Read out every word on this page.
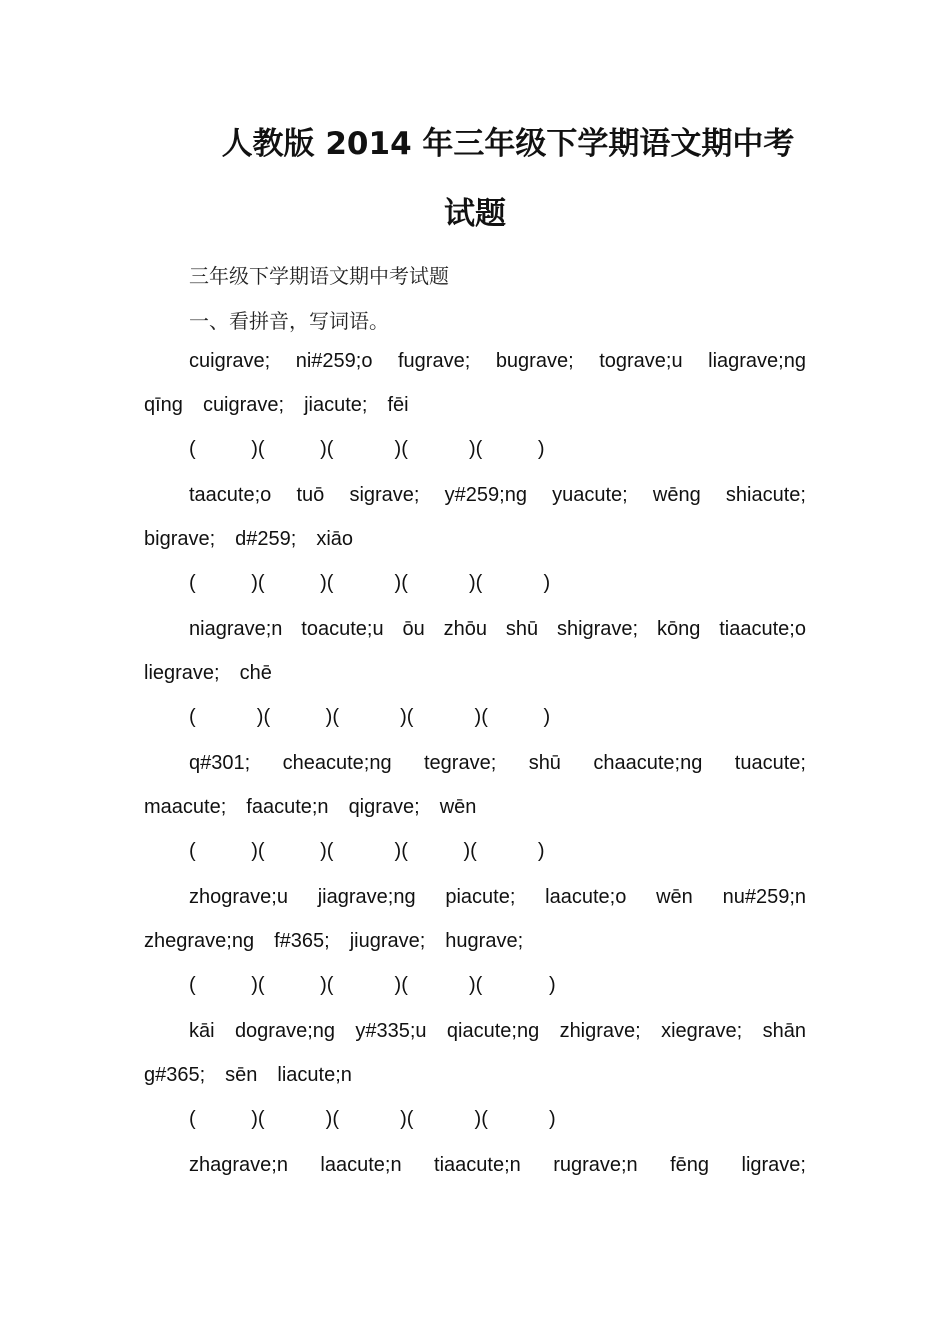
人教版 2014 年三年级下学期语文期中考
试题
三年级下学期语文期中考试题
一、看拼音，写词语。
cuigrave; ni#259;o fugrave; bugrave; tograve;u liagrave;ng
qīng cuigrave; jiacute; fēi
(          )(          )(           )(           )(          )
taacute;o tuō sigrave; y#259;ng yuacute; wēng shiacute;
bigrave; d#259; xiāo
(          )(          )(           )(           )(           )
niagrave;n toacute;u ōu zhōu shū shigrave; kōng tiaacute;o
liegrave; chē
(           )(          )(           )(           )(          )
q#301; cheacute;ng tegrave; shū chaacute;ng tuacute;
maacute; faacute;n qigrave; wēn
(          )(          )(           )(          )(           )
zhograve;u jiagrave;ng piacute; laacute;o wēn nu#259;n
zhegrave;ng f#365; jiugrave; hugrave;
(          )(          )(           )(           )(            )
kāi dograve;ng y#335;u qiacute;ng zhigrave; xiegrave; shān
g#365; sēn liacute;n
(          )(           )(           )(           )(           )
zhagrave;n laacute;n tiaacute;n rugrave;n fēng ligrave;
